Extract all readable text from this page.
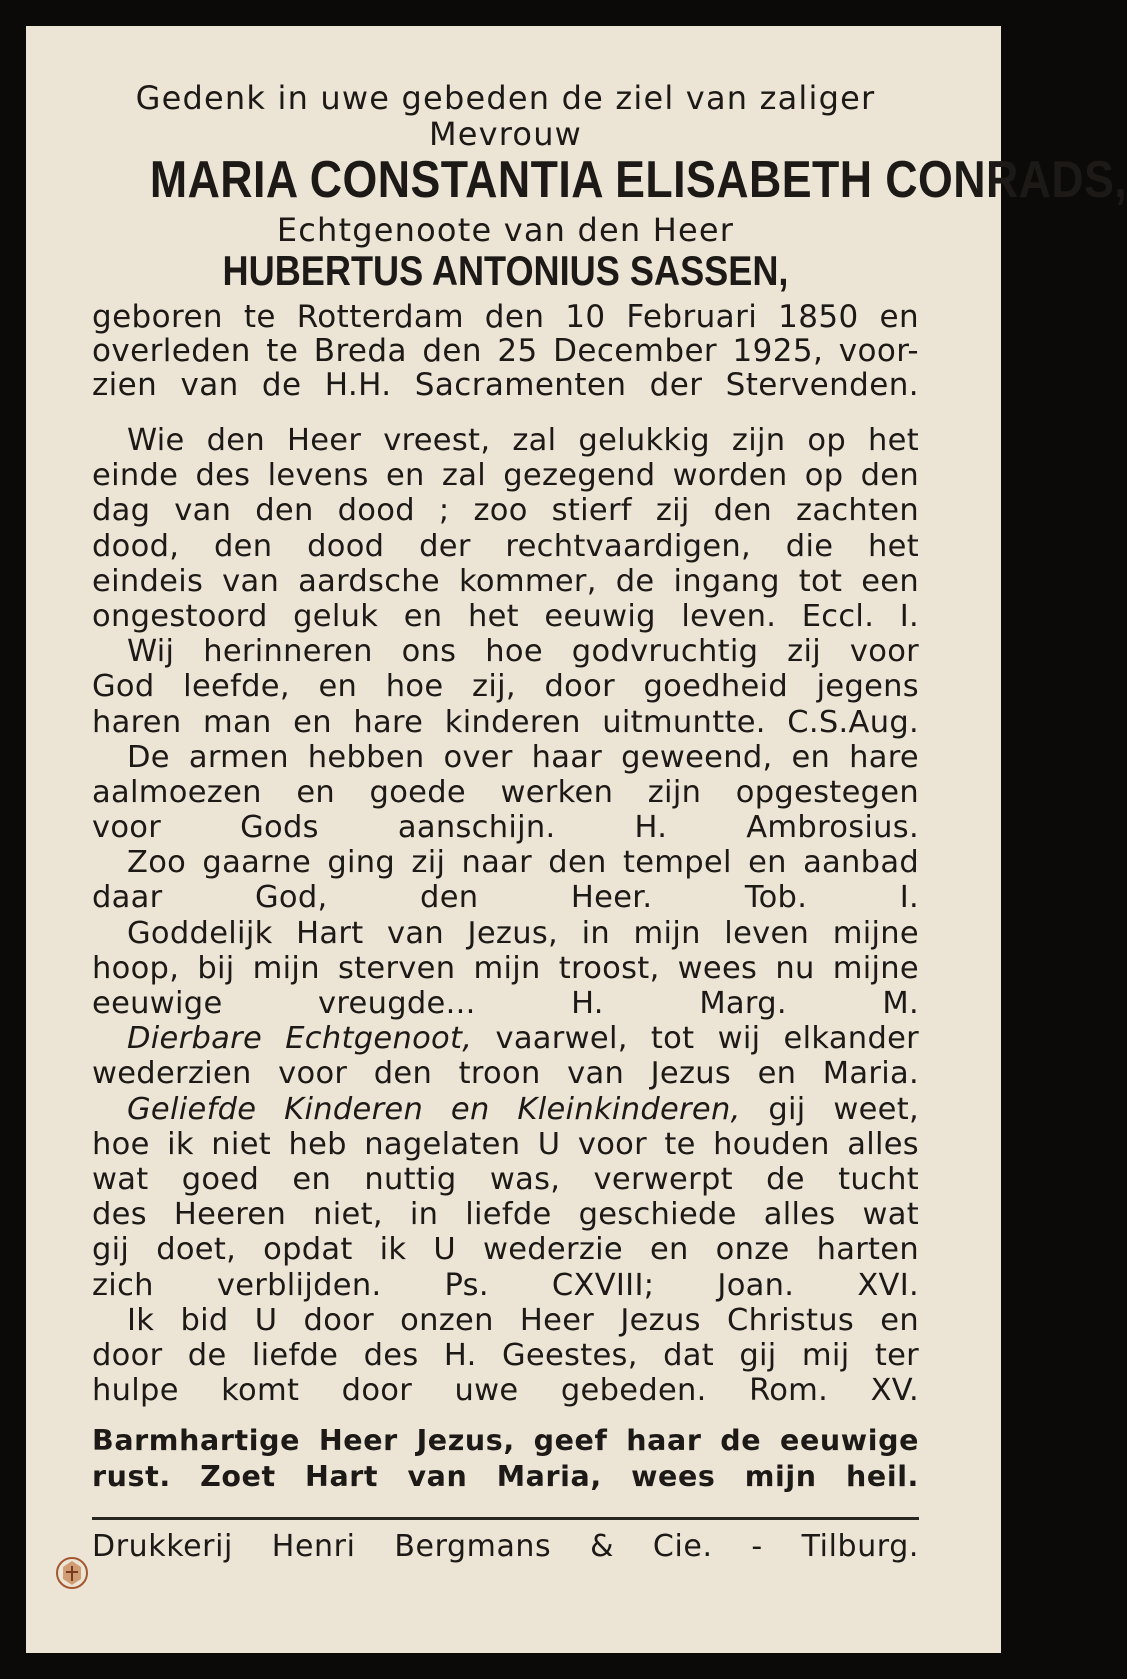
Gedenk in uwe gebeden de ziel van zaliger

Mevrouw

MARIA CONSTANTIA ELISABETH CONRADS,

Echtgenoote van den Heer

HUBERTUS ANTONIUS SASSEN,

geboren te Rotterdam den 10 Februari 1850 en

overleden te Breda den 25 December 1925, voor-

zien van de H.H. Sacramenten der Stervenden.

Wie den Heer vreest, zal gelukkig zijn op het

einde des levens en zal gezegend worden op den

dag van den dood ; zoo stierf zij den zachten

dood, den dood der rechtvaardigen, die het

eindeis van aardsche kommer, de ingang tot een

ongestoord geluk en het eeuwig leven. Eccl. I.

Wij herinneren ons hoe godvruchtig zij voor

God leefde, en hoe zij, door goedheid jegens

haren man en hare kinderen uitmuntte. C.S.Aug.

De armen hebben over haar geweend, en hare

aalmoezen en goede werken zijn opgestegen

voor Gods aanschijn. H. Ambrosius.

Zoo gaarne ging zij naar den tempel en aanbad

daar God, den Heer. Tob. I.

Goddelijk Hart van Jezus, in mijn leven mijne

hoop, bij mijn sterven mijn troost, wees nu mijne

eeuwige vreugde... H. Marg. M.

Dierbare Echtgenoot, vaarwel, tot wij elkander

wederzien voor den troon van Jezus en Maria.

Geliefde Kinderen en Kleinkinderen, gij weet,

hoe ik niet heb nagelaten U voor te houden alles

wat goed en nuttig was, verwerpt de tucht

des Heeren niet, in liefde geschiede alles wat

gij doet, opdat ik U wederzie en onze harten

zich verblijden. Ps. CXVIII; Joan. XVI.

Ik bid U door onzen Heer Jezus Christus en

door de liefde des H. Geestes, dat gij mij ter

hulpe komt door uwe gebeden. Rom. XV.

Barmhartige Heer Jezus, geef haar de eeuwige

rust. Zoet Hart van Maria, wees mijn heil.

Drukkerij Henri Bergmans & Cie. - Tilburg.
